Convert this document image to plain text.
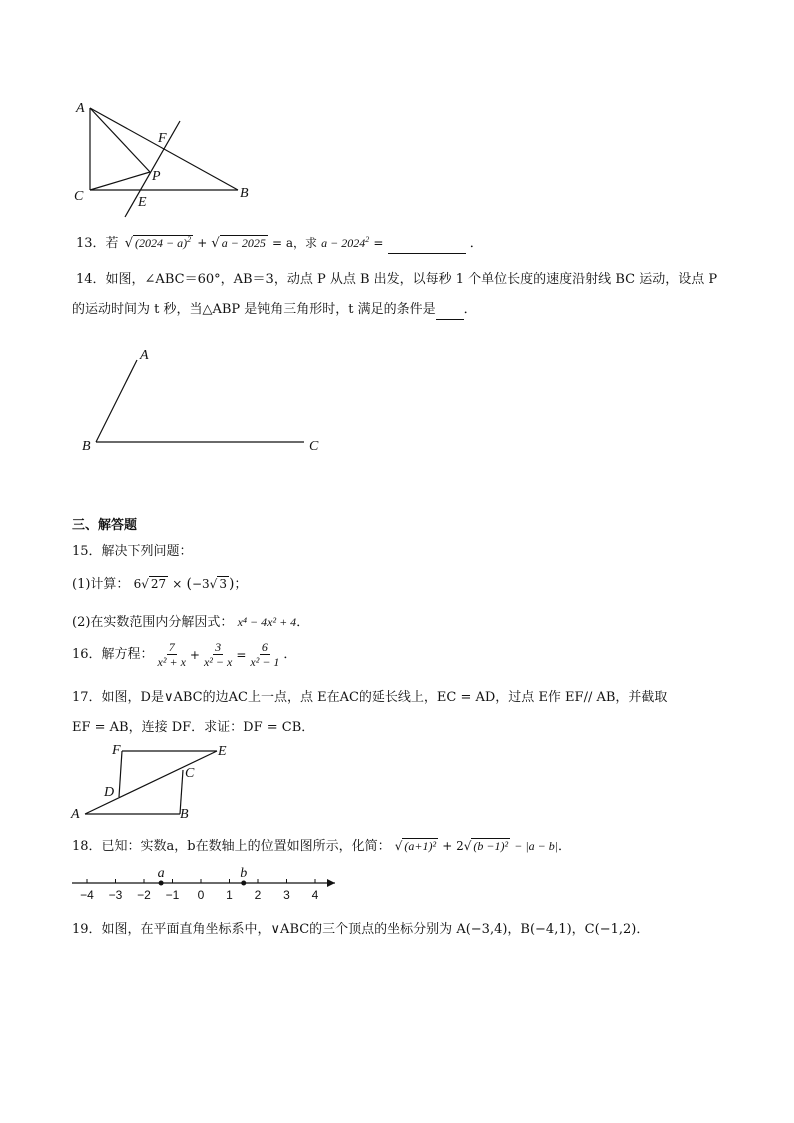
A
F
P
C	E
B
13．若 √ $(2024 - a)^2$ + √ a − 2025 = a，求 $a - 2024^2$ =	．
14．如图，∠ABC＝60°，AB＝3，动点 P 从点 B 出发，以每秒 1 个单位长度的速度沿射线 BC 运动，设点 P
的运动时间为 t 秒，当△ABP 是钝角三角形时，t 满足的条件是 ．
A
B	C
三、解答题
15．解决下列问题：
(1)计算： 6√ 27 × (−3√ 3 )；
(2)在实数范围内分解因式： x⁴ − 4x² + 4．
16．解方程： $\frac{7}{\text{x² + x}} + \frac{3}{\text{x² − x}} = \frac{6}{\text{x² − 1}}$ ．
17．如图，D是∨ABC的边AC上一点，点 E在AC的延长线上，EC = AD，过点 E作 EF// AB，并截取
EF = AB，连接 DF．求证：DF = CB．
F	E
C
D
A	B
18．已知：实数a，b在数轴上的位置如图所示，化简： √ (a+1)² + 2√ (b −1)² − |a − b|．
−4 −3 −2 −1 0 1 2 3 4
a	b
19．如图，在平面直角坐标系中，∨ABC的三个顶点的坐标分别为 A(−3,4)，B(−4,1)，C(−1,2)．
